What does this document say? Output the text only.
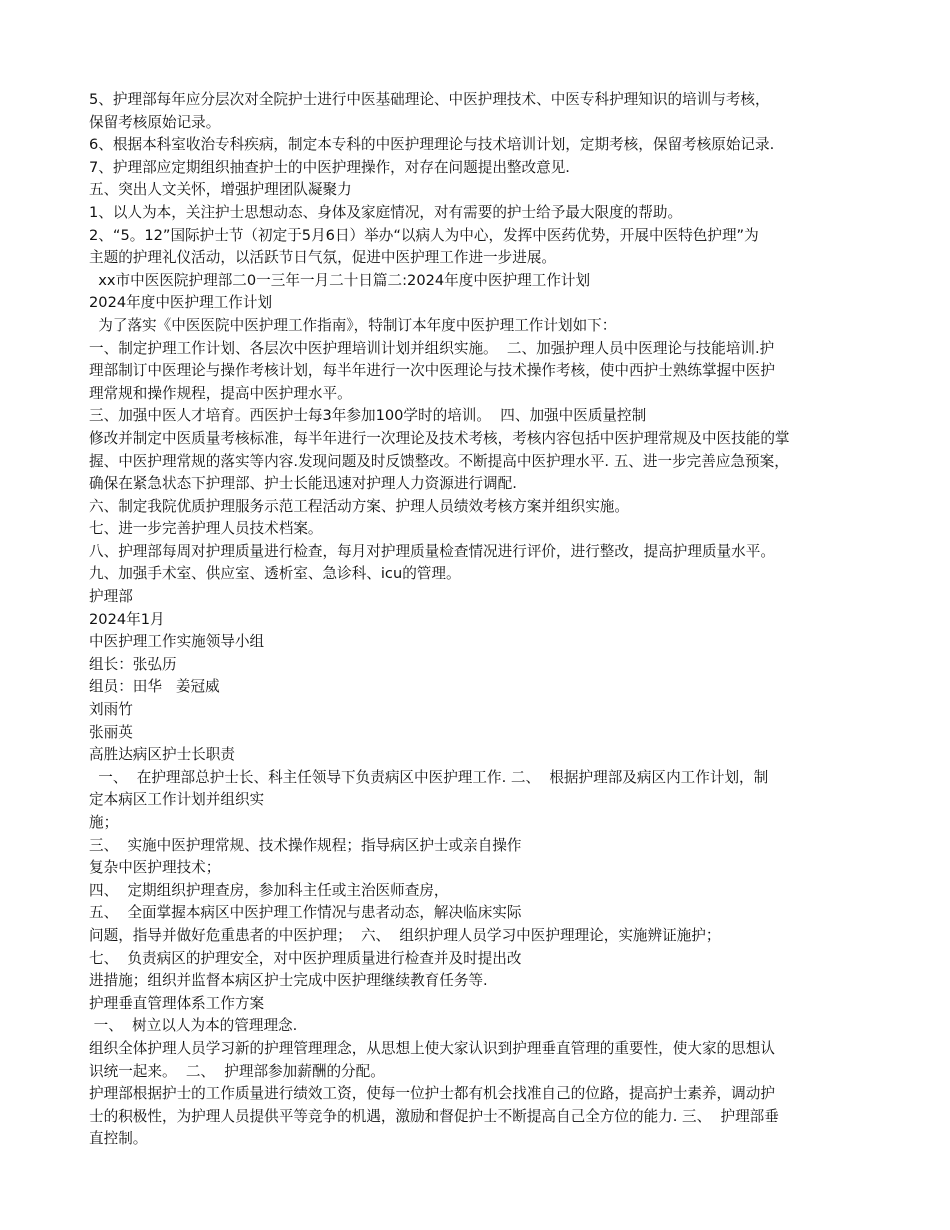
5、护理部每年应分层次对全院护士进行中医基础理论、中医护理技术、中医专科护理知识的培训与考核，
保留考核原始记录。
6、根据本科室收治专科疾病，制定本专科的中医护理理论与技术培训计划，定期考核，保留考核原始记录.
7、护理部应定期组织抽查护士的中医护理操作，对存在问题提出整改意见.
五、突出人文关怀，增强护理团队凝聚力
1、以人为本，关注护士思想动态、身体及家庭情况，对有需要的护士给予最大限度的帮助。
2、“5。12”国际护士节（初定于5月6日）举办“以病人为中心，发挥中医药优势，开展中医特色护理”为
主题的护理礼仪活动，以活跃节日气氛，促进中医护理工作进一步进展。
xx市中医医院护理部二0一三年一月二十日篇二:2024年度中医护理工作计划
2024年度中医护理工作计划
为了落实《中医医院中医护理工作指南》，特制订本年度中医护理工作计划如下：
一、制定护理工作计划、各层次中医护理培训计划并组织实施。  二、加强护理人员中医理论与技能培训.护
理部制订中医理论与操作考核计划，每半年进行一次中医理论与技术操作考核，使中西护士熟练掌握中医护
理常规和操作规程，提高中医护理水平。
三、加强中医人才培育。西医护士每3年参加100学时的培训。  四、加强中医质量控制
修改并制定中医质量考核标准，每半年进行一次理论及技术考核，考核内容包括中医护理常规及中医技能的掌
握、中医护理常规的落实等内容.发现问题及时反馈整改。不断提高中医护理水平. 五、进一步完善应急预案，
确保在紧急状态下护理部、护士长能迅速对护理人力资源进行调配.
六、制定我院优质护理服务示范工程活动方案、护理人员绩效考核方案并组织实施。
七、进一步完善护理人员技术档案。
八、护理部每周对护理质量进行检查，每月对护理质量检查情况进行评价，进行整改，提高护理质量水平。
九、加强手术室、供应室、透析室、急诊科、icu的管理。
护理部
2024年1月
中医护理工作实施领导小组
组长：张弘历
组员：田华   姜冠威
刘雨竹
张丽英
高胜达病区护士长职责
一、  在护理部总护士长、科主任领导下负责病区中医护理工作. 二、  根据护理部及病区内工作计划，制
定本病区工作计划并组织实
施；
三、  实施中医护理常规、技术操作规程；指导病区护士或亲自操作
复杂中医护理技术；
四、  定期组织护理查房，参加科主任或主治医师查房，
五、  全面掌握本病区中医护理工作情况与患者动态，解决临床实际
问题，指导并做好危重患者的中医护理；  六、  组织护理人员学习中医护理理论，实施辨证施护；
七、  负责病区的护理安全，对中医护理质量进行检查并及时提出改
进措施；组织并监督本病区护士完成中医护理继续教育任务等.
护理垂直管理体系工作方案
一、  树立以人为本的管理理念.
组织全体护理人员学习新的护理管理理念，从思想上使大家认识到护理垂直管理的重要性，使大家的思想认
识统一起来。  二、  护理部参加薪酬的分配。
护理部根据护士的工作质量进行绩效工资，使每一位护士都有机会找准自己的位路，提高护士素养，调动护
士的积极性，为护理人员提供平等竞争的机遇，激励和督促护士不断提高自己全方位的能力. 三、  护理部垂
直控制。
